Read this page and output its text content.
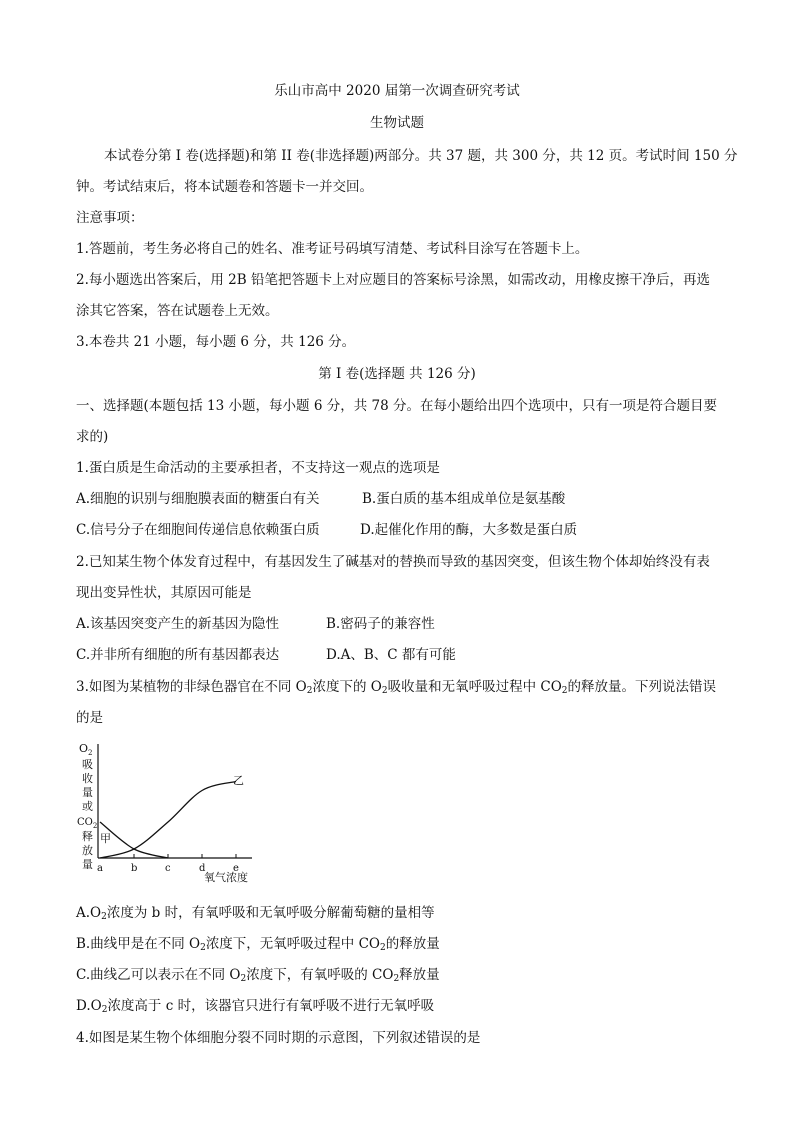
乐山市高中 2020 届第一次调查研究考试
生物试题
本试卷分第 I 卷(选择题)和第 II 卷(非选择题)两部分。共 37 题，共 300 分，共 12 页。考试时间 150 分
钟。考试结束后，将本试题卷和答题卡一并交回。
注意事项：
1.答题前，考生务必将自己的姓名、准考证号码填写清楚、考试科目涂写在答题卡上。
2.每小题选出答案后，用 2B 铅笔把答题卡上对应题目的答案标号涂黑，如需改动，用橡皮擦干净后，再选
涂其它答案，答在试题卷上无效。
3.本卷共 21 小题，每小题 6 分，共 126 分。
第 I 卷(选择题 共 126 分)
一、选择题(本题包括 13 小题，每小题 6 分，共 78 分。在每小题给出四个选项中，只有一项是符合题目要
求的)
1.蛋白质是生命活动的主要承担者，不支持这一观点的选项是
A.细胞的识别与细胞膜表面的糖蛋白有关	B.蛋白质的基本组成单位是氨基酸
C.信号分子在细胞间传递信息依赖蛋白质	D.起催化作用的酶，大多数是蛋白质
2.已知某生物个体发育过程中，有基因发生了碱基对的替换而导致的基因突变，但该生物个体却始终没有表
现出变异性状，其原因可能是
A.该基因突变产生的新基因为隐性	B.密码子的兼容性
C.并非所有细胞的所有基因都表达	D.A、B、C 都有可能
3.如图为某植物的非绿色器官在不同 $O_2$浓度下的 $O_2$吸收量和无氧呼吸过程中 $CO_2$的释放量。下列说法错误
的是
$O_2$
吸
收
量
或
$CO_2$
释
放
量 a	b	c	d	e
甲
乙
氧气浓度
$A.O_2$浓度为 b 时，有氧呼吸和无氧呼吸分解葡萄糖的量相等
B.曲线甲是在不同 $O_2$浓度下，无氧呼吸过程中 $CO_2$的释放量
C.曲线乙可以表示在不同 $O_2$浓度下，有氧呼吸的 $CO_2$释放量
$D.O_2$浓度高于 c 时，该器官只进行有氧呼吸不进行无氧呼吸
4.如图是某生物个体细胞分裂不同时期的示意图，下列叙述错误的是
